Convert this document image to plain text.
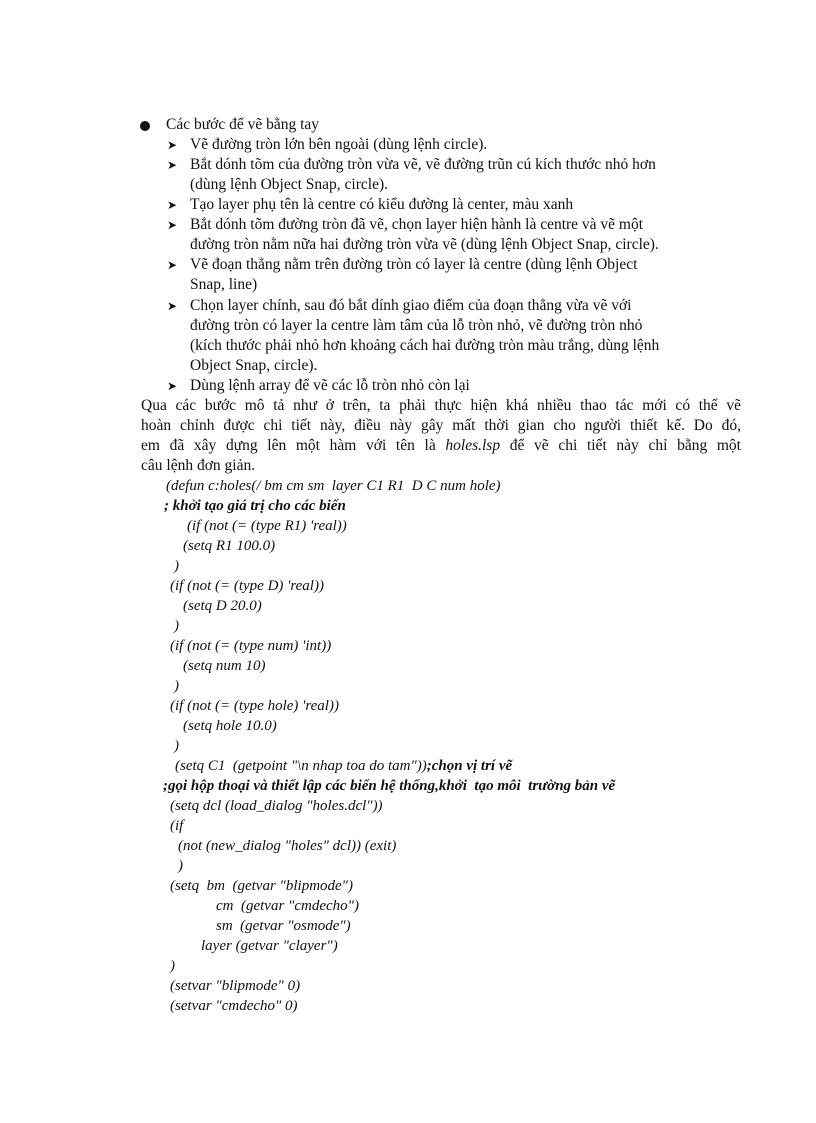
Các bước để vẽ bằng tay
➤ Vẽ đường tròn lớn bên ngoài (dùng lệnh circle).
➤ Bắt dónh tõm của đường tròn vừa vẽ, vẽ đường trũn cú kích thước nhỏ hơn
(dùng lệnh Object Snap, circle).
➤ Tạo layer phụ tên là centre có kiểu đường là center, màu xanh
➤ Bắt dónh tõm đường tròn đã vẽ, chọn layer hiện hành là centre và vẽ một
đường tròn nằm nữa hai đường tròn vừa vẽ (dùng lệnh Object Snap, circle).
➤ Vẽ đoạn thẳng nằm trên đường tròn có layer là centre (dùng lệnh Object
Snap, line)
➤ Chọn layer chính, sau đó bắt dính giao điểm của đoạn thẳng vừa vẽ với
đường tròn có layer la centre làm tâm của lỗ tròn nhỏ, vẽ đường tròn nhỏ
(kích thước phải nhỏ hơn khoảng cách hai đường tròn màu trắng, dùng lệnh
Object Snap, circle).
➤ Dùng lệnh array để vẽ các lỗ tròn nhỏ còn lại
Qua các bước mô tả như ở trên, ta phải thực hiện khá nhiều thao tác mới có thể vẽ
hoàn chỉnh được chi tiết này, điều này gây mất thời gian cho người thiết kế. Do đó,
em đã xây dựng lên một hàm với tên là holes.lsp để vẽ chi tiết này chỉ bằng một
câu lệnh đơn giản.
(defun c:holes(/ bm cm sm  layer C1 R1  D C num hole)
; khởi tạo giá trị cho các biến
(if (not (= (type R1) 'real))
(setq R1 100.0)
)
(if (not (= (type D) 'real))
(setq D 20.0)
)
(if (not (= (type num) 'int))
(setq num 10)
)
(if (not (= (type hole) 'real))
(setq hole 10.0)
)
(setq C1  (getpoint "\n nhap toa do tam"));chọn vị trí vẽ
;gọi hộp thoại và thiết lập các biến hệ thống,khởi  tạo môi  trường bản vẽ
(setq dcl (load_dialog "holes.dcl"))
(if
(not (new_dialog "holes" dcl)) (exit)
)
(setq  bm  (getvar "blipmode")
cm  (getvar "cmdecho")
sm  (getvar "osmode")
layer (getvar "clayer")
)
(setvar "blipmode" 0)
(setvar "cmdecho" 0)
